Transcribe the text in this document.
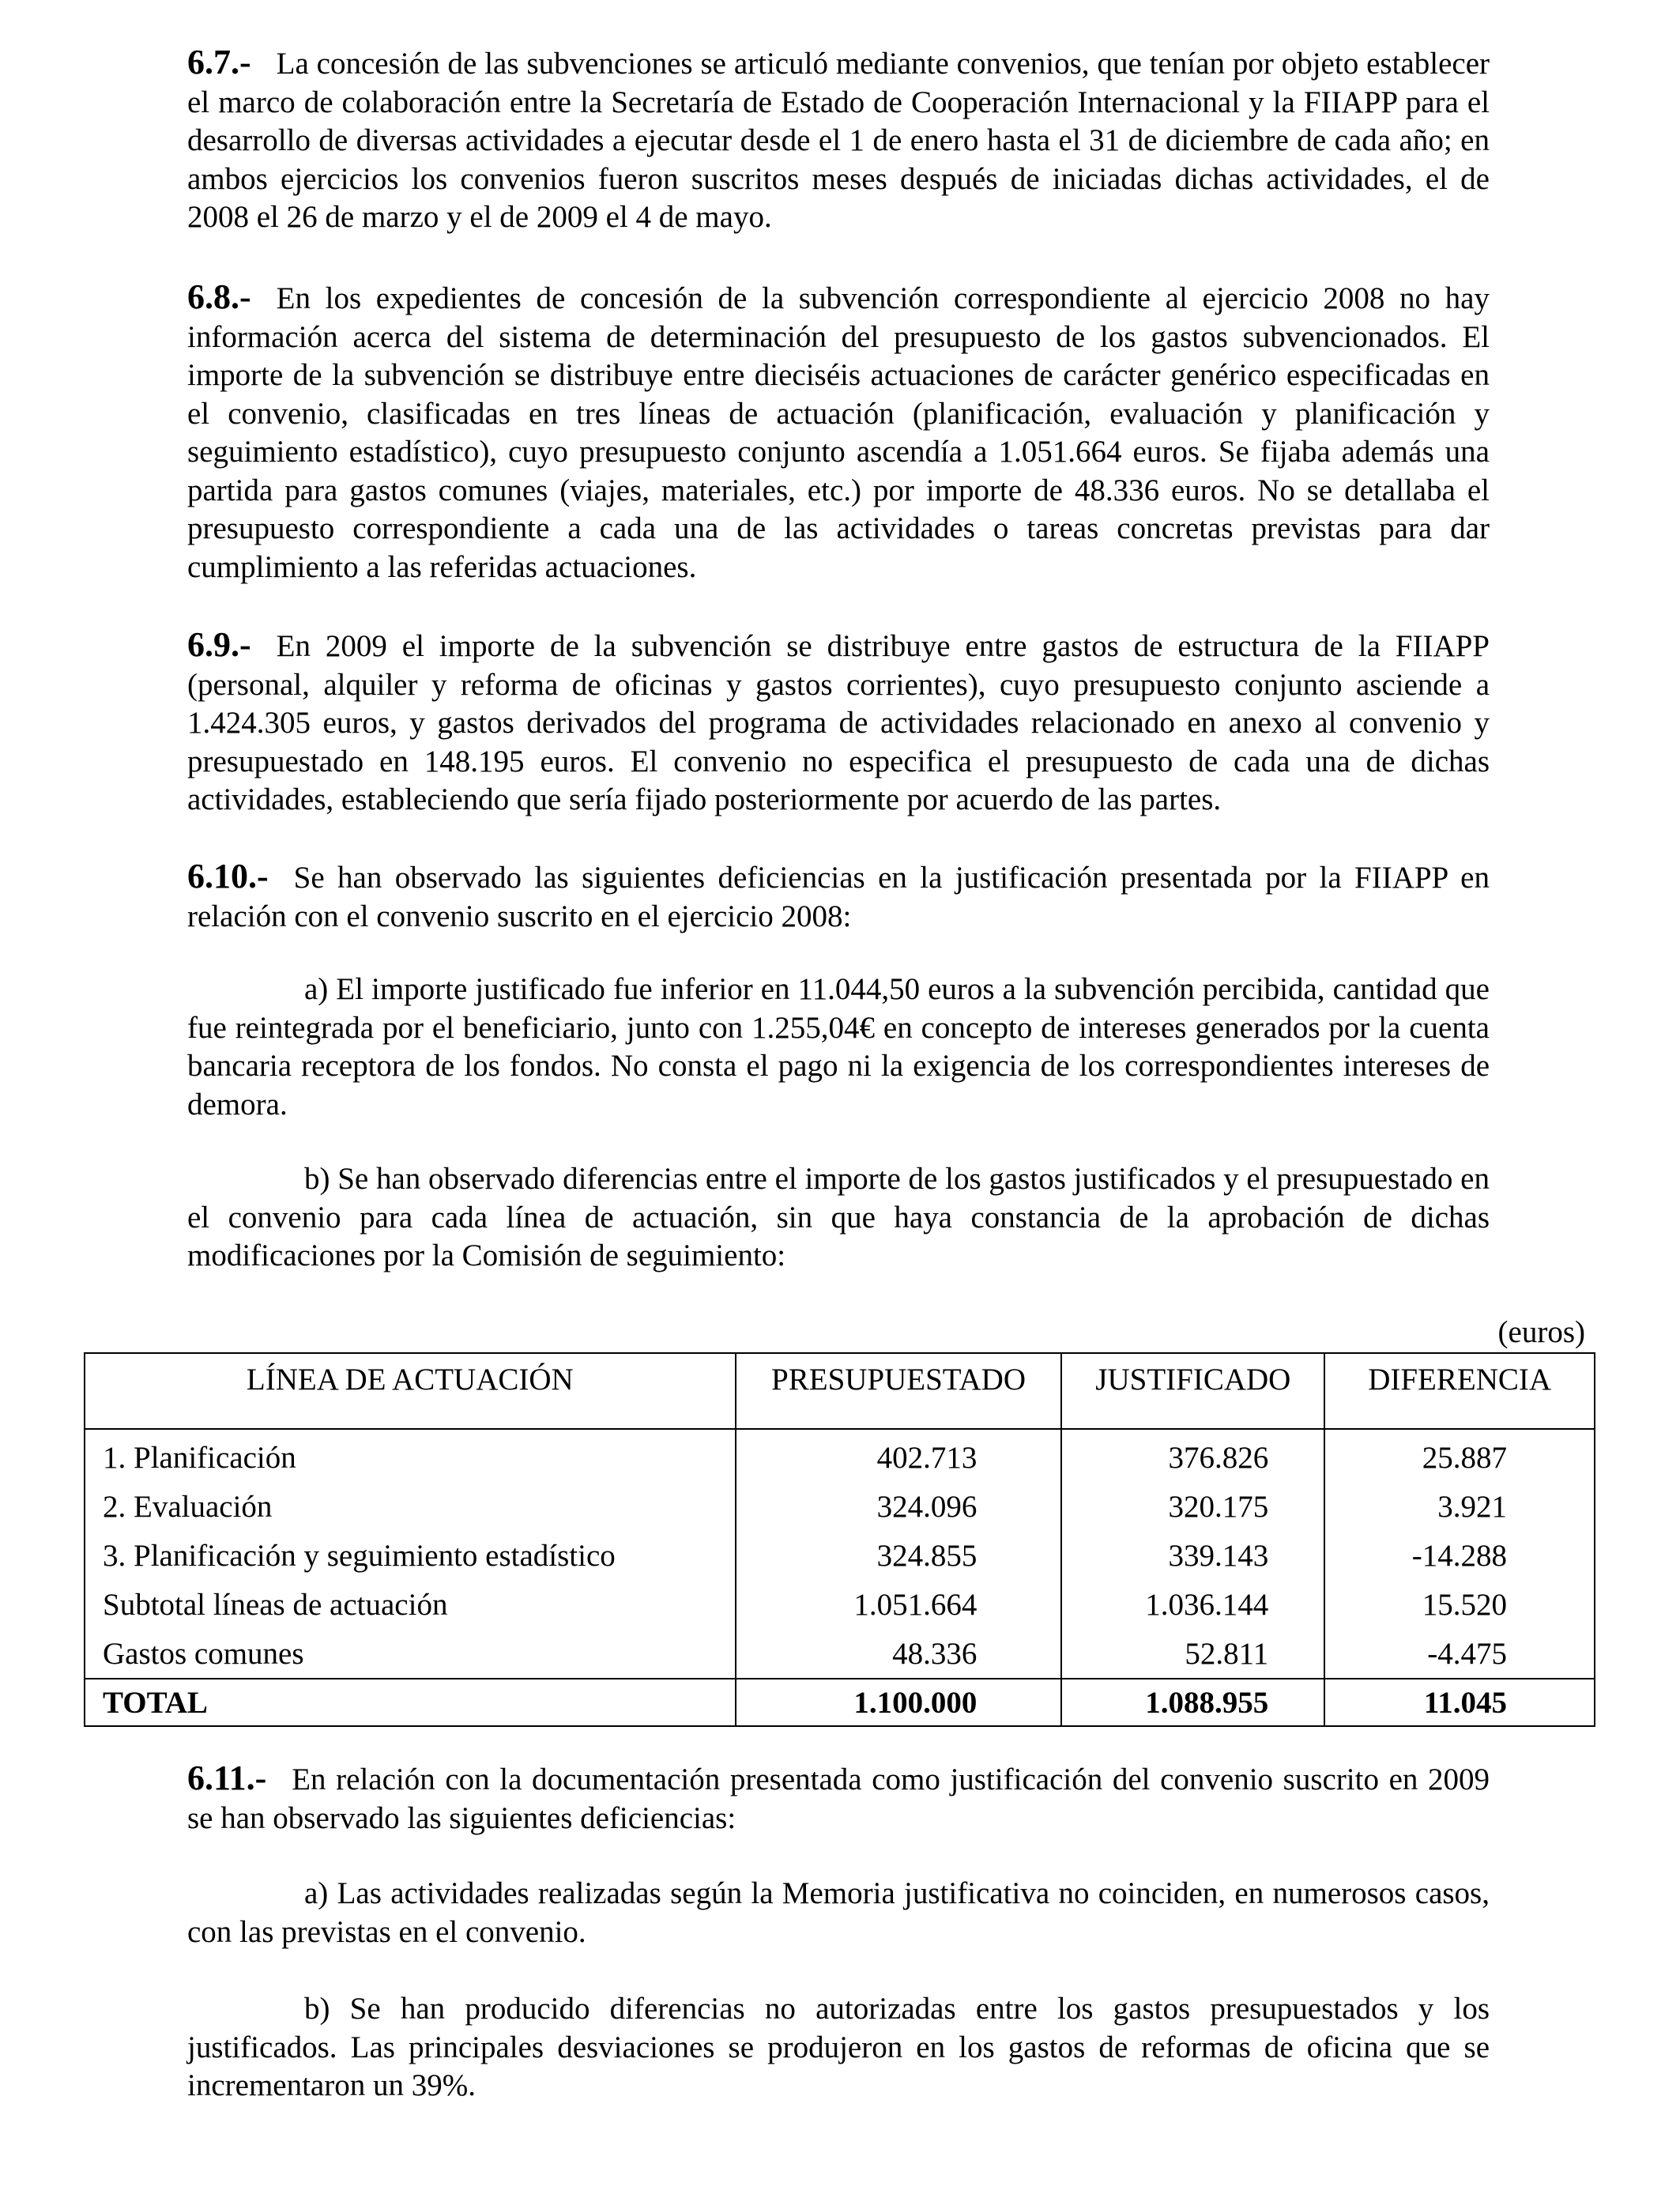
6.7.- La concesión de las subvenciones se articuló mediante convenios, que tenían por objeto establecer el marco de colaboración entre la Secretaría de Estado de Cooperación Internacional y la FIIAPP para el desarrollo de diversas actividades a ejecutar desde el 1 de enero hasta el 31 de diciembre de cada año; en ambos ejercicios los convenios fueron suscritos meses después de iniciadas dichas actividades, el de 2008 el 26 de marzo y el de 2009 el 4 de mayo.

6.8.- En los expedientes de concesión de la subvención correspondiente al ejercicio 2008 no hay información acerca del sistema de determinación del presupuesto de los gastos subvencionados. El importe de la subvención se distribuye entre dieciséis actuaciones de carácter genérico especificadas en el convenio, clasificadas en tres líneas de actuación (planificación, evaluación y planificación y seguimiento estadístico), cuyo presupuesto conjunto ascendía a 1.051.664 euros. Se fijaba además una partida para gastos comunes (viajes, materiales, etc.) por importe de 48.336 euros. No se detallaba el presupuesto correspondiente a cada una de las actividades o tareas concretas previstas para dar cumplimiento a las referidas actuaciones.

6.9.- En 2009 el importe de la subvención se distribuye entre gastos de estructura de la FIIAPP (personal, alquiler y reforma de oficinas y gastos corrientes), cuyo presupuesto conjunto asciende a 1.424.305 euros, y gastos derivados del programa de actividades relacionado en anexo al convenio y presupuestado en 148.195 euros. El convenio no especifica el presupuesto de cada una de dichas actividades, estableciendo que sería fijado posteriormente por acuerdo de las partes.

6.10.- Se han observado las siguientes deficiencias en la justificación presentada por la FIIAPP en relación con el convenio suscrito en el ejercicio 2008:

a) El importe justificado fue inferior en 11.044,50 euros a la subvención percibida, cantidad que fue reintegrada por el beneficiario, junto con 1.255,04€ en concepto de intereses generados por la cuenta bancaria receptora de los fondos. No consta el pago ni la exigencia de los correspondientes intereses de demora.

b) Se han observado diferencias entre el importe de los gastos justificados y el presupuestado en el convenio para cada línea de actuación, sin que haya constancia de la aprobación de dichas modificaciones por la Comisión de seguimiento:

(euros)
LÍNEA DE ACTUACIÓN	PRESUPUESTADO	JUSTIFICADO	DIFERENCIA
1. Planificación	402.713	376.826	25.887
2. Evaluación	324.096	320.175	3.921
3. Planificación y seguimiento estadístico	324.855	339.143	-14.288
Subtotal líneas de actuación	1.051.664	1.036.144	15.520
Gastos comunes	48.336	52.811	-4.475
TOTAL	1.100.000	1.088.955	11.045

6.11.- En relación con la documentación presentada como justificación del convenio suscrito en 2009 se han observado las siguientes deficiencias:

a) Las actividades realizadas según la Memoria justificativa no coinciden, en numerosos casos, con las previstas en el convenio.

b) Se han producido diferencias no autorizadas entre los gastos presupuestados y los justificados. Las principales desviaciones se produjeron en los gastos de reformas de oficina que se incrementaron un 39%.
